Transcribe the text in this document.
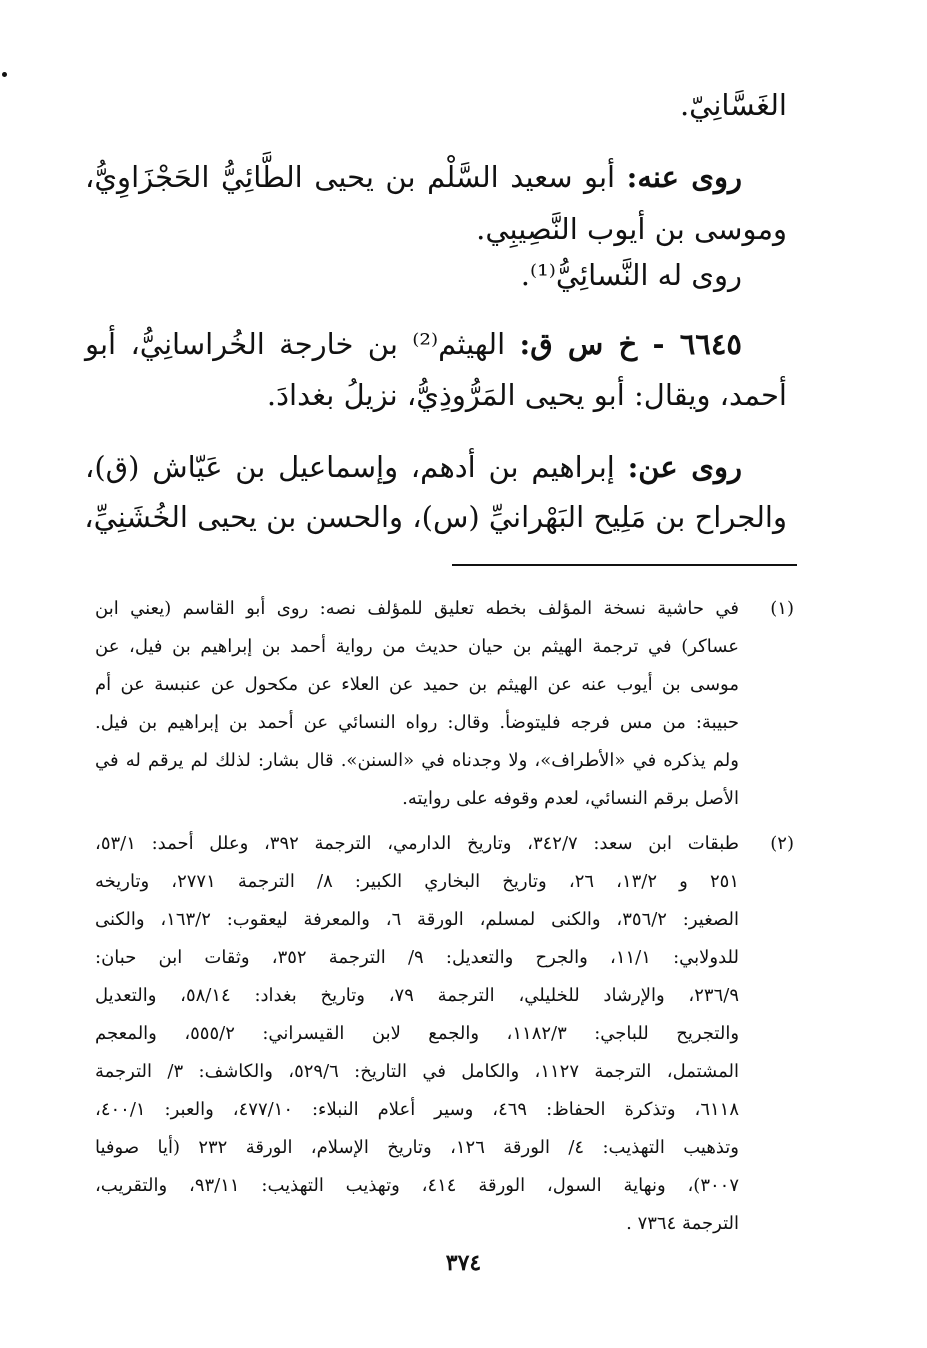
الغَسَّانِيّ.
روى عنه: أبو سعيد السَّلْم بن يحيى الطَّائِيُّ الحَجْزَاوِيُّ،
وموسى بن أيوب النَّصِيبِي.
روى له النَّسائِيُّ⁽¹⁾.
٦٦٤٥ - خ س ق: الهيثم⁽²⁾ بن خارجة الخُراسانِيُّ، أبو
أحمد، ويقال: أبو يحيى المَرُّوذِيُّ، نزيلُ بغدادَ.
روى عن: إبراهيم بن أدهم، وإسماعيل بن عَيّاش (ق)،
والجراح بن مَلِيح البَهْرانيِّ (س)، والحسن بن يحيى الخُشَنِيِّ،
(١)
في حاشية نسخة المؤلف بخطه تعليق للمؤلف نصه: روى أبو القاسم (يعني ابن
عساكر) في ترجمة الهيثم بن حيان حديث من رواية أحمد بن إبراهيم بن فيل، عن
موسى بن أيوب عنه عن الهيثم بن حميد عن العلاء عن مكحول عن عنبسة عن أم
حبيبة: من مس فرجه فليتوضأ. وقال: رواه النسائي عن أحمد بن إبراهيم بن فيل.
ولم يذكره في «الأطراف»، ولا وجدناه في «السنن». قال بشار: لذلك لم يرقم له في
الأصل برقم النسائي، لعدم وقوفه على روايته.
(٢)
طبقات ابن سعد: ٣٤٢/٧، وتاريخ الدارمي، الترجمة ٣٩٢، وعلل أحمد: ٥٣/١،
٢٥١ و ١٣/٢، ٢٦، وتاريخ البخاري الكبير: ٨/ الترجمة ٢٧٧١، وتاريخه
الصغير: ٣٥٦/٢، والكنى لمسلم، الورقة ٦، والمعرفة ليعقوب: ١٦٣/٢، والكنى
للدولابي: ١١/١، والجرح والتعديل: ٩/ الترجمة ٣٥٢، وثقات ابن حبان:
٢٣٦/٩، والإرشاد للخليلي، الترجمة ٧٩، وتاريخ بغداد: ٥٨/١٤، والتعديل
والتجريح للباجي: ١١٨٢/٣، والجمع لابن القيسراني: ٥٥٥/٢، والمعجم
المشتمل، الترجمة ١١٢٧، والكامل في التاريخ: ٥٢٩/٦، والكاشف: ٣/ الترجمة
٦١١٨، وتذكرة الحفاظ: ٤٦٩، وسير أعلام النبلاء: ٤٧٧/١٠، والعبر: ٤٠٠/١،
وتذهيب التهذيب: ٤/ الورقة ١٢٦، وتاريخ الإسلام، الورقة ٢٣٢ (أيا صوفيا
٣٠٠٧)، ونهاية السول، الورقة ٤١٤، وتهذيب التهذيب: ٩٣/١١، والتقريب،
الترجمة ٧٣٦٤ .
٣٧٤
